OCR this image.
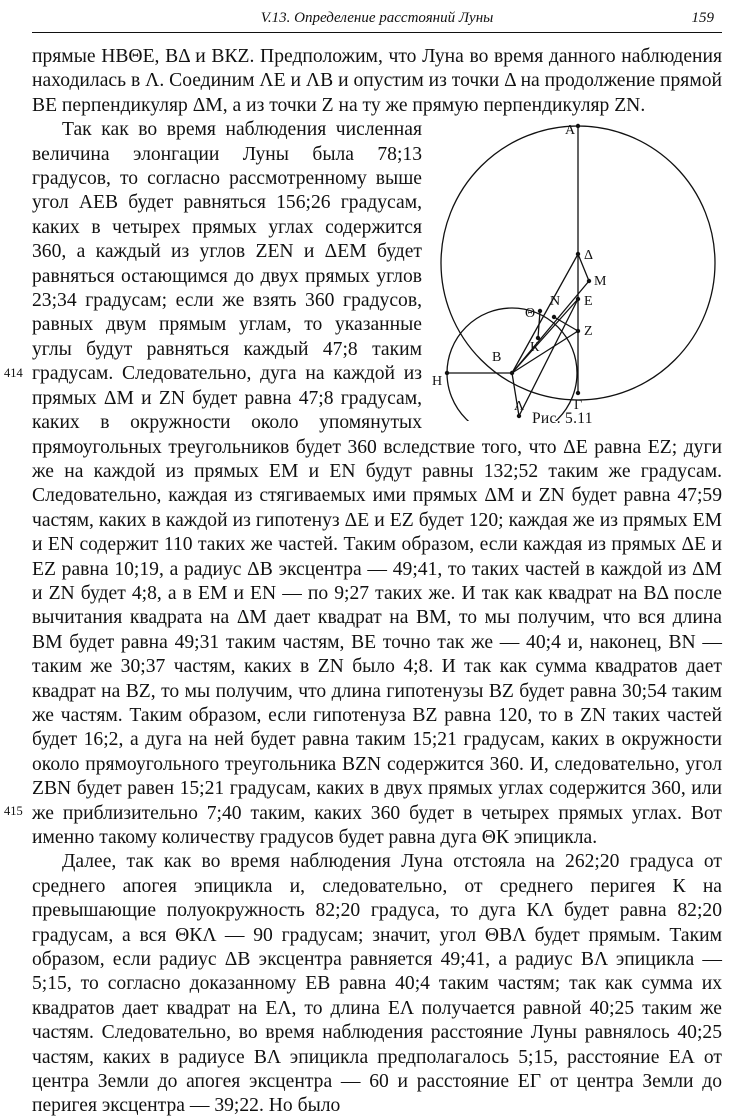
V.13. Определение расстояний Луны	159
414
415

прямые НВΘЕ, ВΔ и ВКZ. Предположим, что Луна во время данного наблюдения находилась в Λ. Соединим ΛЕ и ΛВ и опустим из точки Δ на продолжение прямой ВЕ перпендикуляр ΔМ, а из точки Z на ту же прямую перпендикуляр ZN.

А
Δ
М
N Е
Θ
В
К
Z
Н
Λ	Γ
Рис. 5.11

Так как во время наблюдения численная величина элонгации Луны была 78;13 градусов, то согласно рассмотренному выше угол АЕВ будет равняться 156;26 градусам, каких в четырех прямых углах содержится 360, а каждый из углов ZEN и ΔЕМ будет равняться остающимся до двух прямых углов 23;34 градусам; если же взять 360 градусов, равных двум прямым углам, то указанные углы будут равняться каждый 47;8 таким градусам. Следовательно, дуга на каждой из прямых ΔМ и ZN будет равна 47;8 градусам, каких в окружности около упомянутых прямоугольных треугольников будет 360 вследствие того, что ΔЕ равна ЕZ; дуги же на каждой из прямых ЕМ и ЕN будут равны 132;52 таким же градусам. Следовательно, каждая из стягиваемых ими прямых ΔМ и ZN будет равна 47;59 частям, каких в каждой из гипотенуз ΔЕ и ЕZ будет 120; каждая же из прямых ЕМ и ЕN содержит 110 таких же частей. Таким образом, если каждая из прямых ΔЕ и ЕZ равна 10;19, а радиус ΔВ эксцентра — 49;41, то таких частей в каждой из ΔМ и ZN будет 4;8, а в ЕМ и ЕN — по 9;27 таких же. И так как квадрат на ВΔ после вычитания квадрата на ΔМ дает квадрат на ВМ, то мы получим, что вся длина ВМ будет равна 49;31 таким частям, ВЕ точно так же — 40;4 и, наконец, ВN — таким же 30;37 частям, каких в ZN было 4;8. И так как сумма квадратов дает квадрат на ВZ, то мы получим, что длина гипотенузы ВZ будет равна 30;54 таким же частям. Таким образом, если гипотенуза ВZ равна 120, то в ZN таких частей будет 16;2, а дуга на ней будет равна таким 15;21 градусам, каких в окружности около прямоугольного треугольника ВZN содержится 360. И, следовательно, угол ZВN будет равен 15;21 градусам, каких в двух прямых углах содержится 360, или же приблизительно 7;40 таким, каких 360 будет в четырех прямых углах. Вот именно такому количеству градусов будет равна дуга ΘК эпицикла.

Далее, так как во время наблюдения Луна отстояла на 262;20 градуса от среднего апогея эпицикла и, следовательно, от среднего перигея К на превышающие полуокружность 82;20 градуса, то дуга КΛ будет равна 82;20 градусам, а вся ΘКΛ — 90 градусам; значит, угол ΘВΛ будет прямым. Таким образом, если радиус ΔВ эксцентра равняется 49;41, а радиус ВΛ эпицикла — 5;15, то согласно доказанному ЕВ равна 40;4 таким частям; так как сумма их квадратов дает квадрат на ЕΛ, то длина ЕΛ получается равной 40;25 таким же частям. Следовательно, во время наблюдения расстояние Луны равнялось 40;25 частям, каких в радиусе ВΛ эпицикла предполагалось 5;15, расстояние ЕА от центра Земли до апогея эксцентра — 60 и расстояние ЕΓ от центра Земли до перигея эксцентра — 39;22. Но было
